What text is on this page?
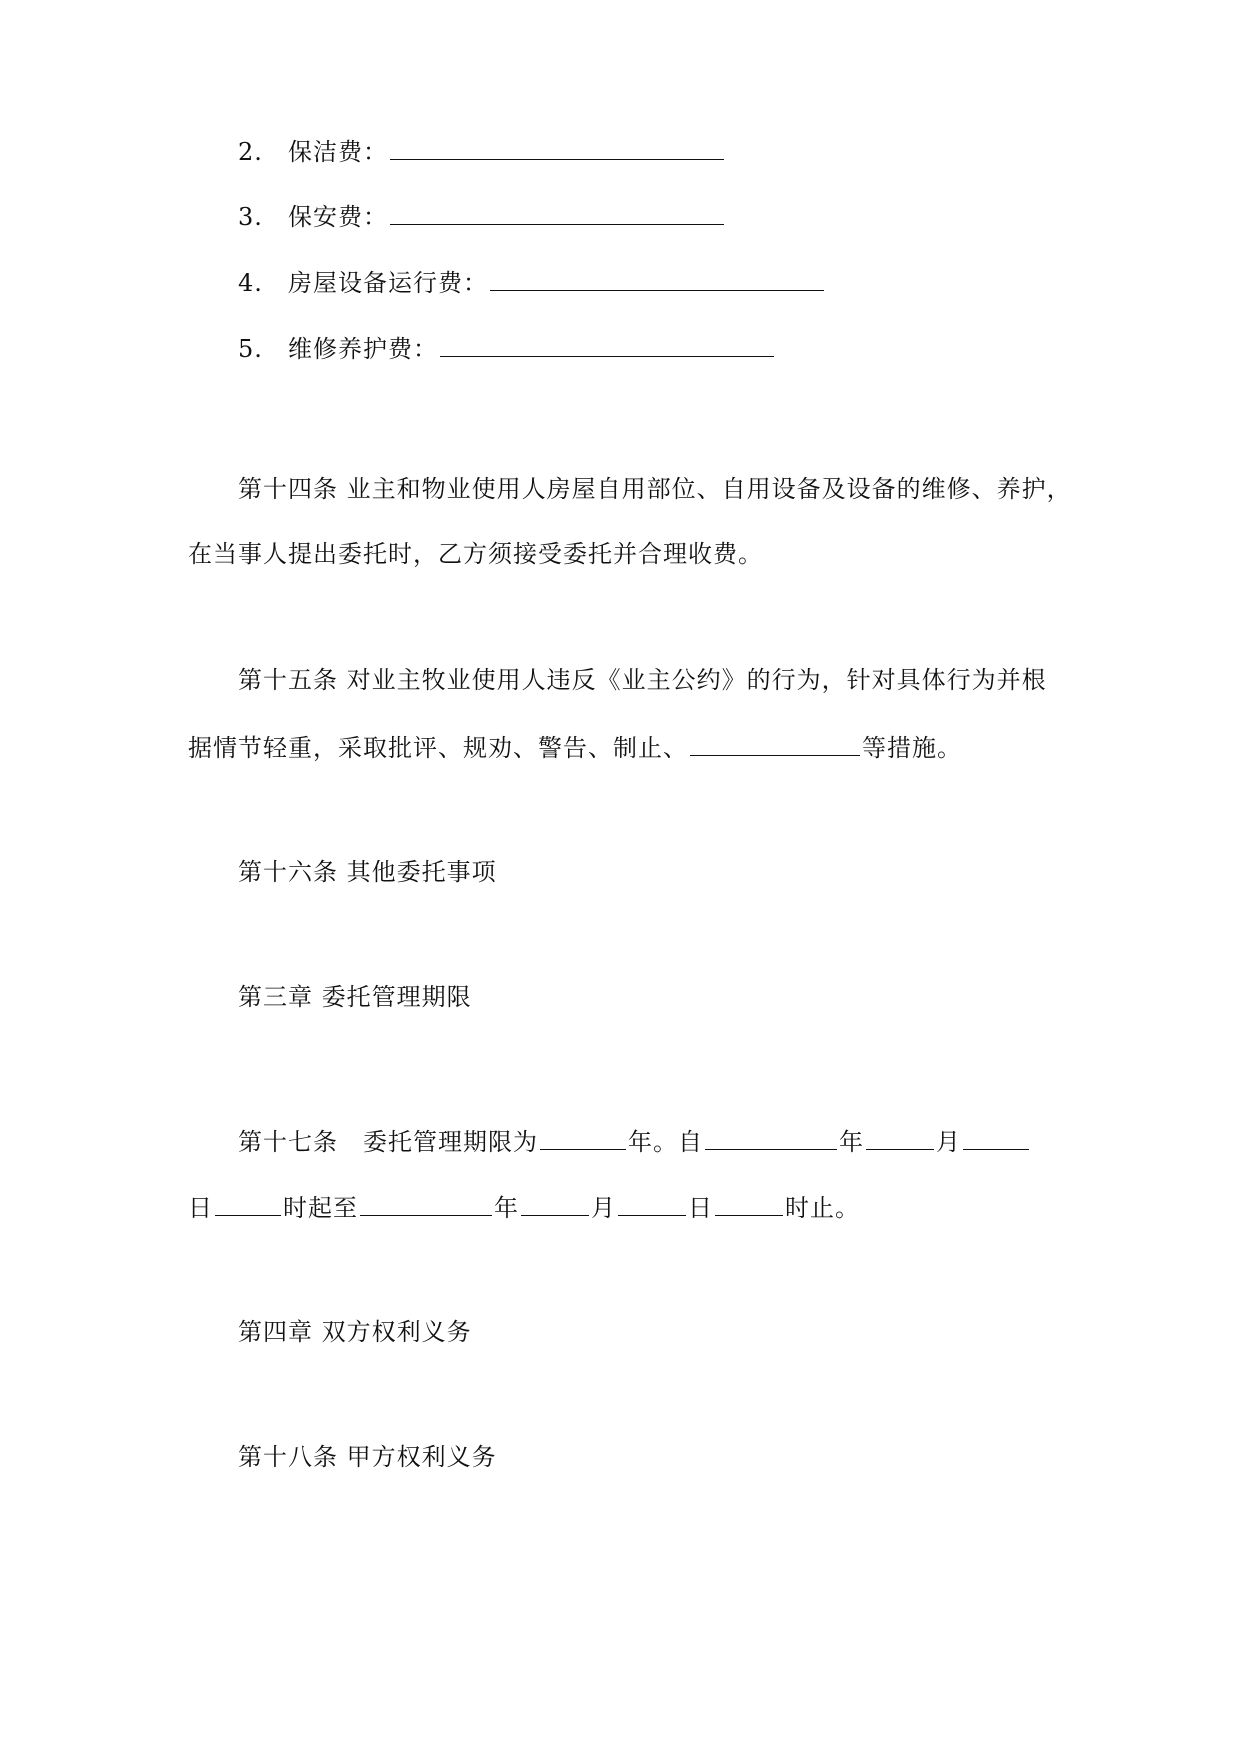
2. 保洁费：
3. 保安费：
4. 房屋设备运行费：
5. 维修养护费：
第十四条 业主和物业使用人房屋自用部位、自用设备及设备的维修、养护，
在当事人提出委托时，乙方须接受委托并合理收费。
第十五条 对业主牧业使用人违反《业主公约》的行为，针对具体行为并根
据情节轻重，采取批评、规劝、警告、制止、	等措施。
第十六条 其他委托事项
第三章 委托管理期限
第十七条　委托管理期限为	年。自	年	月
日	时起至	年	月	日	时止。
第四章 双方权利义务
第十八条 甲方权利义务
